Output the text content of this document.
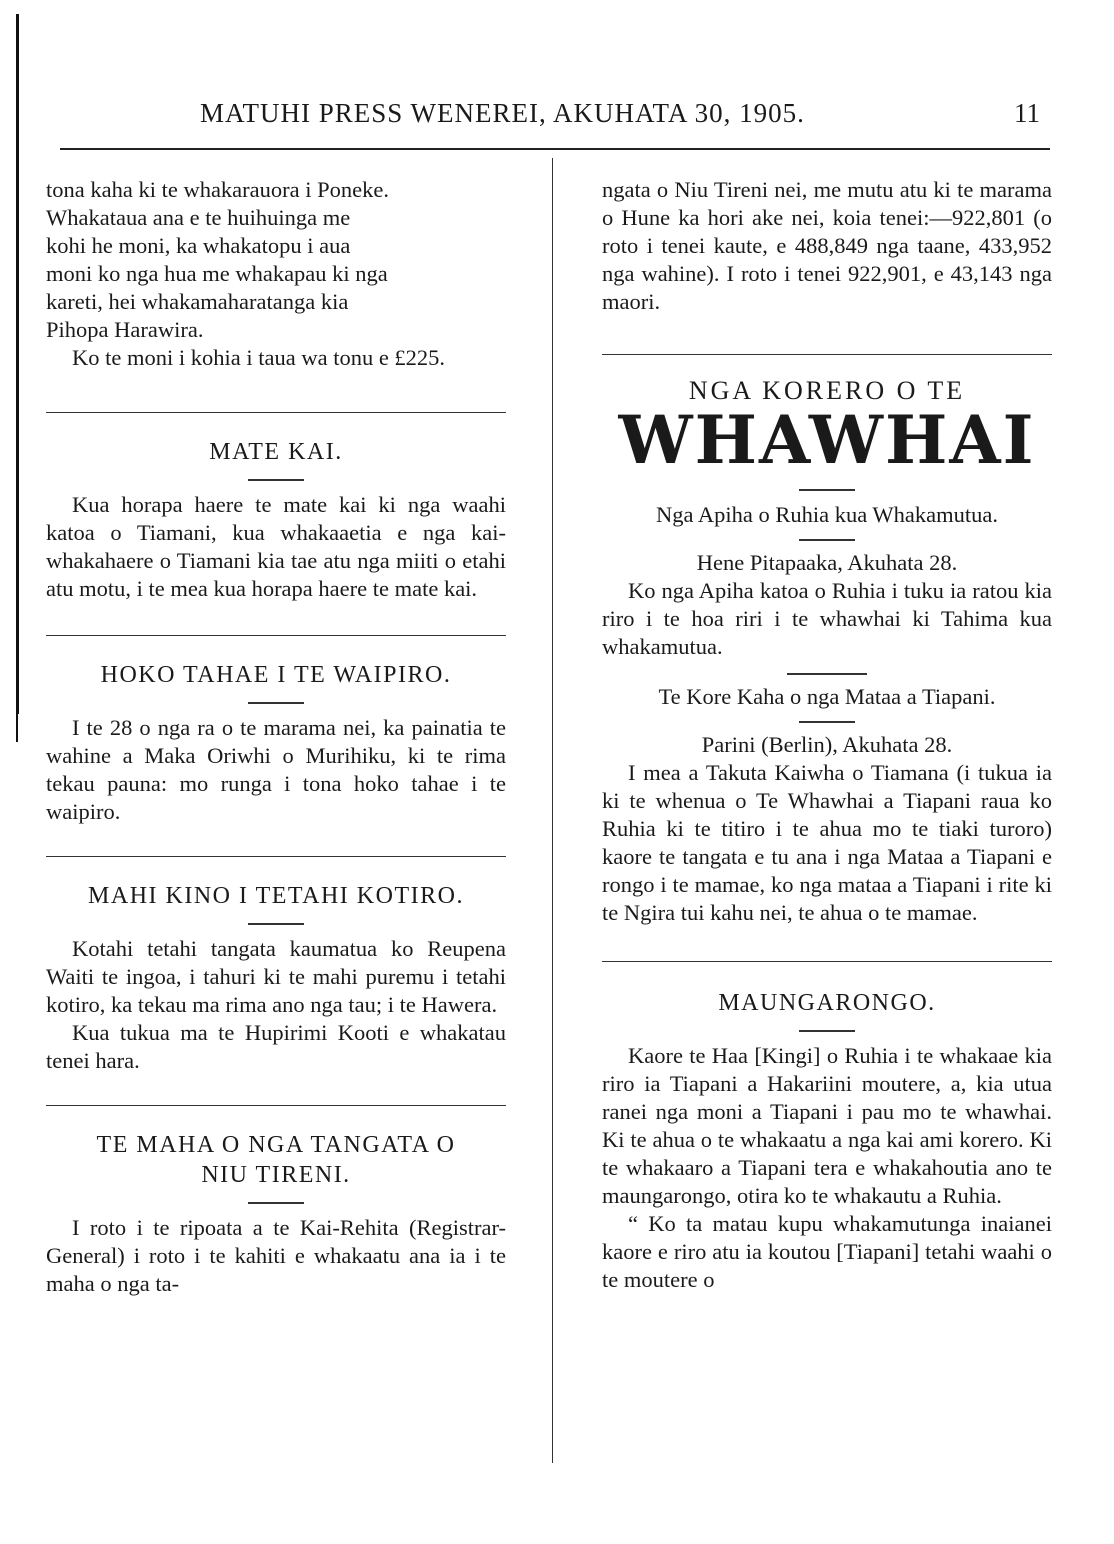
MATUHI PRESS WENEREI, AKUHATA 30, 1905.	11
tona kaha ki te whakarauora i Poneke.
Whakataua ana e te huihuinga me
kohi he moni, ka whakatopu i aua
moni ko nga hua me whakapau ki nga
kareti, hei whakamaharatanga kia
Pihopa Harawira.

Ko te moni i kohia i taua wa tonu e £225.

MATE KAI.

Kua horapa haere te mate kai ki nga waahi katoa o Tiamani, kua whakaaetia e nga kai-whakahaere o Tiamani kia tae atu nga miiti o etahi atu motu, i te mea kua horapa haere te mate kai.

HOKO TAHAE I TE WAIPIRO.

I te 28 o nga ra o te marama nei, ka painatia te wahine a Maka Oriwhi o Murihiku, ki te rima tekau pauna: mo runga i tona hoko tahae i te waipiro.

MAHI KINO I TETAHI KOTIRO.

Kotahi tetahi tangata kaumatua ko Reupena Waiti te ingoa, i tahuri ki te mahi puremu i tetahi kotiro, ka tekau ma rima ano nga tau; i te Hawera.

Kua tukua ma te Hupirimi Kooti e whakatau tenei hara.

TE MAHA O NGA TANGATA O
NIU TIRENI.

I roto i te ripoata a te Kai-Rehita (Registrar-General) i roto i te kahiti e whakaatu ana ia i te maha o nga ta-

ngata o Niu Tireni nei, me mutu atu ki te marama o Hune ka hori ake nei, koia tenei:—922,801 (o roto i tenei kaute, e 488,849 nga taane, 433,952 nga wahine). I roto i tenei 922,901, e 43,143 nga maori.

NGA KORERO O TE
WHAWHAI
Nga Apiha o Ruhia kua Whakamutua.
Hene Pitapaaka, Akuhata 28.

Ko nga Apiha katoa o Ruhia i tuku ia ratou kia riro i te hoa riri i te whawhai ki Tahima kua whakamutua.

Te Kore Kaha o nga Mataa a Tiapani.
Parini (Berlin), Akuhata 28.

I mea a Takuta Kaiwha o Tiamana (i tukua ia ki te whenua o Te Whawhai a Tiapani raua ko Ruhia ki te titiro i te ahua mo te tiaki turoro) kaore te tangata e tu ana i nga Mataa a Tiapani e rongo i te mamae, ko nga mataa a Tiapani i rite ki te Ngira tui kahu nei, te ahua o te mamae.

MAUNGARONGO.

Kaore te Haa [Kingi] o Ruhia i te whakaae kia riro ia Tiapani a Hakariini moutere, a, kia utua ranei nga moni a Tiapani i pau mo te whawhai. Ki te ahua o te whakaatu a nga kai ami korero. Ki te whakaaro a Tiapani tera e whakahoutia ano te maungarongo, otira ko te whakautu a Ruhia.

“ Ko ta matau kupu whakamutunga inaianei kaore e riro atu ia koutou [Tiapani] tetahi waahi o te moutere o
